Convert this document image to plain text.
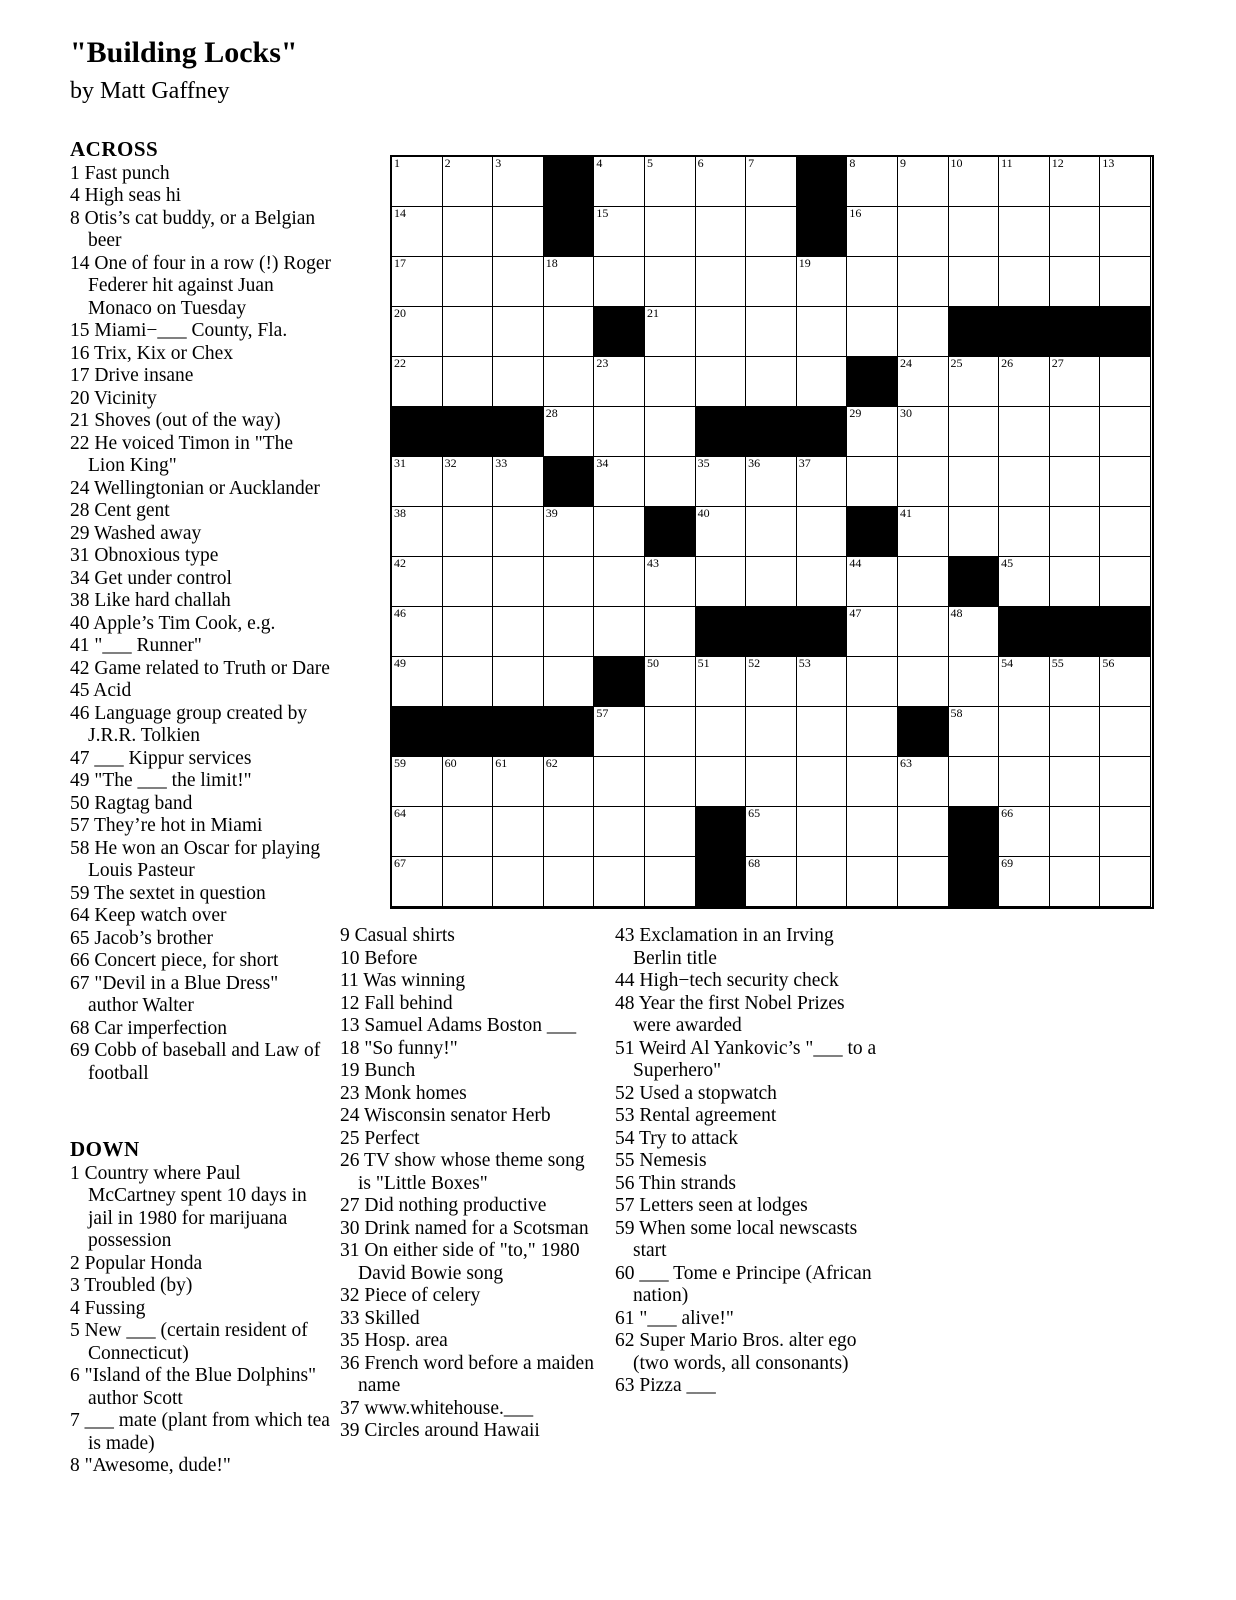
"Building Locks"
by Matt Gaffney
ACROSS
1 Fast punch
4 High seas hi
8 Otis’s cat buddy, or a Belgian beer
14 One of four in a row (!) Roger Federer hit against Juan Monaco on Tuesday
15 Miami−___ County, Fla.
16 Trix, Kix or Chex
17 Drive insane
20 Vicinity
21 Shoves (out of the way)
22 He voiced Timon in "The Lion King"
24 Wellingtonian or Aucklander
28 Cent gent
29 Washed away
31 Obnoxious type
34 Get under control
38 Like hard challah
40 Apple’s Tim Cook, e.g.
41 "___ Runner"
42 Game related to Truth or Dare
45 Acid
46 Language group created by J.R.R. Tolkien
47 ___ Kippur services
49 "The ___ the limit!"
50 Ragtag band
57 They’re hot in Miami
58 He won an Oscar for playing Louis Pasteur
59 The sextet in question
64 Keep watch over
65 Jacob’s brother
66 Concert piece, for short
67 "Devil in a Blue Dress" author Walter
68 Car imperfection
69 Cobb of baseball and Law of football
DOWN
1 Country where Paul McCartney spent 10 days in jail in 1980 for marijuana possession
2 Popular Honda
3 Troubled (by)
4 Fussing
5 New ___ (certain resident of Connecticut)
6 "Island of the Blue Dolphins" author Scott
7 ___ mate (plant from which tea is made)
8 "Awesome, dude!"
9 Casual shirts
10 Before
11 Was winning
12 Fall behind
13 Samuel Adams Boston ___
18 "So funny!"
19 Bunch
23 Monk homes
24 Wisconsin senator Herb
25 Perfect
26 TV show whose theme song is "Little Boxes"
27 Did nothing productive
30 Drink named for a Scotsman
31 On either side of "to," 1980 David Bowie song
32 Piece of celery
33 Skilled
35 Hosp. area
36 French word before a maiden name
37 www.whitehouse.___
39 Circles around Hawaii
43 Exclamation in an Irving Berlin title
44 High−tech security check
48 Year the first Nobel Prizes were awarded
51 Weird Al Yankovic’s "___ to a Superhero"
52 Used a stopwatch
53 Rental agreement
54 Try to attack
55 Nemesis
56 Thin strands
57 Letters seen at lodges
59 When some local newscasts start
60 ___ Tome e Principe (African nation)
61 "___ alive!"
62 Super Mario Bros. alter ego (two words, all consonants)
63 Pizza ___
1	2	3	4	5	6	7	8	9	10	11	12	13
14	15	16
17	18	19
20	21
22	23	24	25	26	27
28	29	30
31	32	33	34	35	36	37
38	39	40	41
42	43	44	45
46	47	48
49	50	51	52	53	54	55	56
57	58
59	60	61	62	63
64	65	66
67	68	69
